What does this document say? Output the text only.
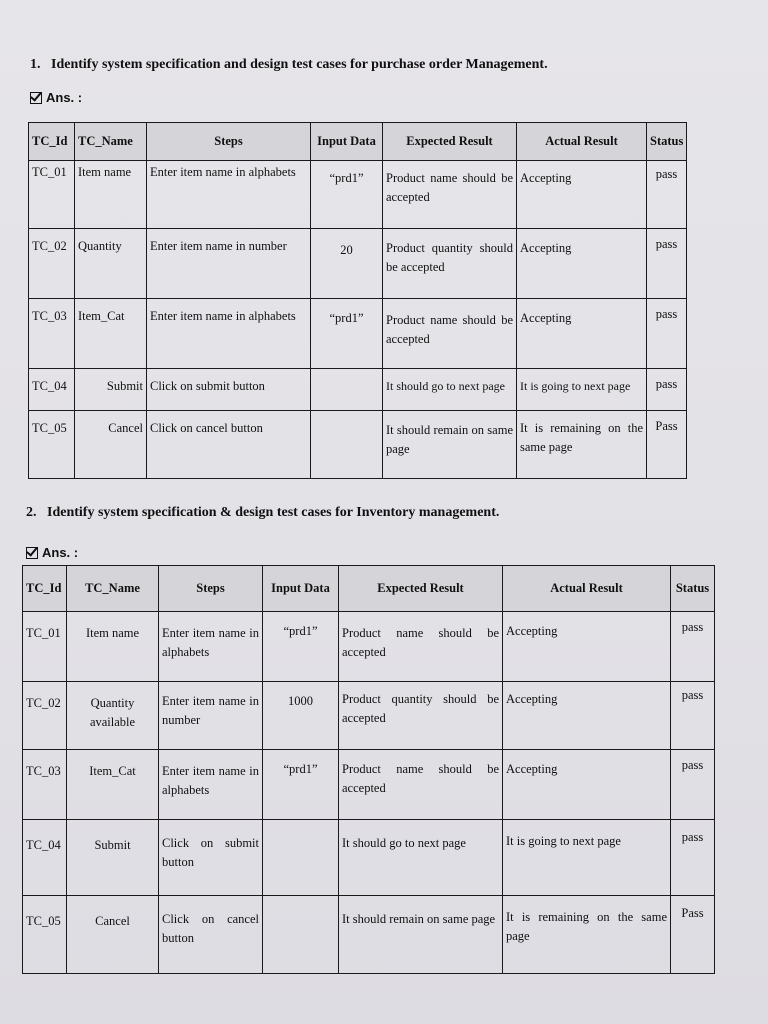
1. Identify system specification and design test cases for purchase order Management.
Ans. :
TC_Id	TC_Name	Steps	Input Data	Expected Result	Actual Result	Status
TC_01	Item name	Enter item name in alphabets	“prd1”	Product name should be accepted	Accepting	pass
TC_02	Quantity	Enter item name in number	20	Product quantity should be accepted	Accepting	pass
TC_03	Item_Cat	Enter item name in alphabets	“prd1”	Product name should be accepted	Accepting	pass
TC_04	Submit	Click on submit button		It should go to next page	It is going to next page	pass
TC_05	Cancel	Click on cancel button		It should remain on same page	It is remaining on the same page	Pass
2. Identify system specification & design test cases for Inventory management.
Ans. :
TC_Id	TC_Name	Steps	Input Data	Expected Result	Actual Result	Status
TC_01	Item name	Enter item name in alphabets	“prd1”	Product name should be accepted	Accepting	pass
TC_02	Quantity available	Enter item name in number	1000	Product quantity should be accepted	Accepting	pass
TC_03	Item_Cat	Enter item name in alphabets	“prd1”	Product name should be accepted	Accepting	pass
TC_04	Submit	Click on submit button		It should go to next page	It is going to next page	pass
TC_05	Cancel	Click on cancel button		It should remain on same page	It is remaining on the same page	Pass
